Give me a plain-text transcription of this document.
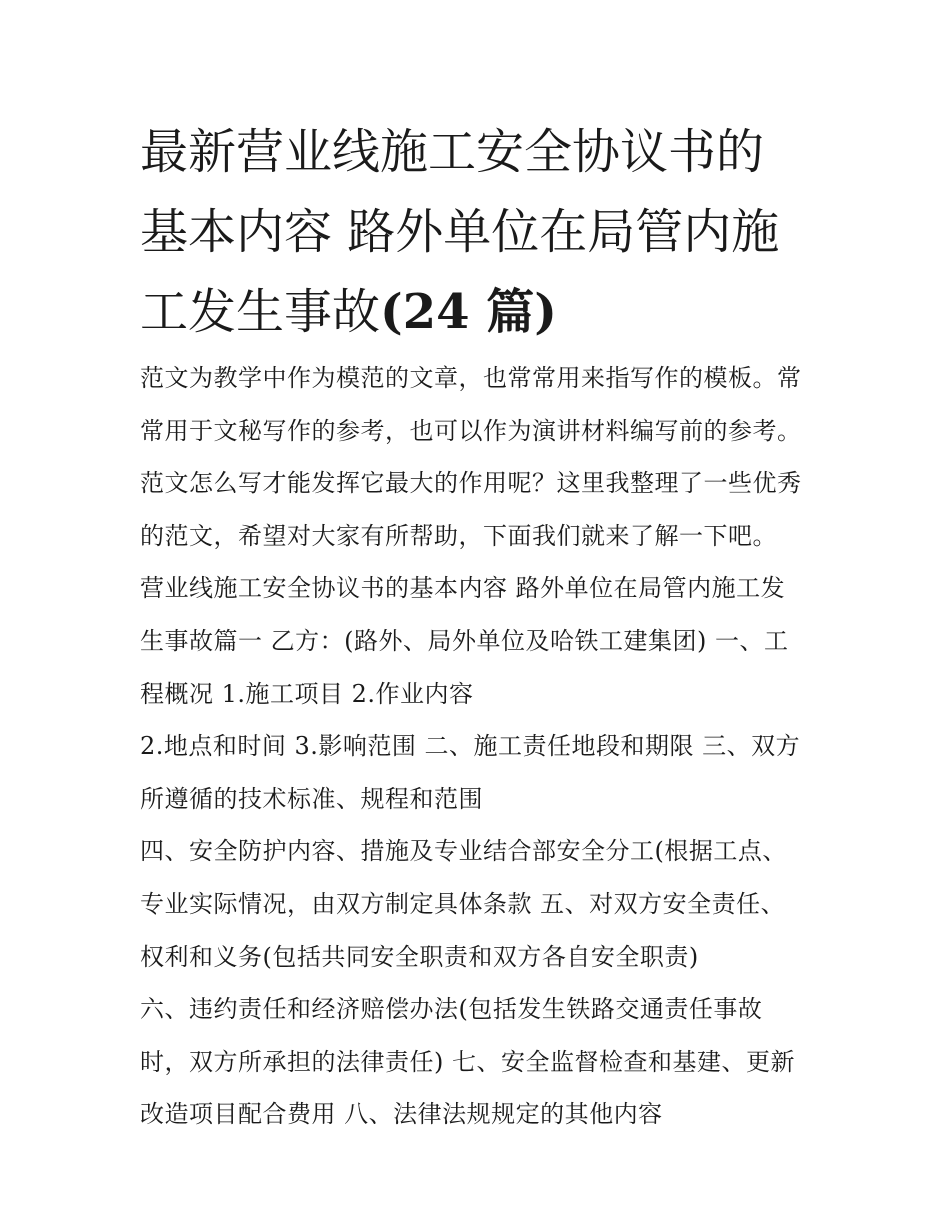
最新营业线施工安全协议书的
基本内容 路外单位在局管内施
工发生事故(24 篇)
范文为教学中作为模范的文章，也常常用来指写作的模板。常
常用于文秘写作的参考，也可以作为演讲材料编写前的参考。
范文怎么写才能发挥它最大的作用呢？这里我整理了一些优秀
的范文，希望对大家有所帮助，下面我们就来了解一下吧。
营业线施工安全协议书的基本内容 路外单位在局管内施工发
生事故篇一 乙方：(路外、局外单位及哈铁工建集团) 一、工
程概况 1.施工项目 2.作业内容
2.地点和时间 3.影响范围 二、施工责任地段和期限 三、双方
所遵循的技术标准、规程和范围
四、安全防护内容、措施及专业结合部安全分工(根据工点、
专业实际情况，由双方制定具体条款 五、对双方安全责任、
权利和义务(包括共同安全职责和双方各自安全职责)
六、违约责任和经济赔偿办法(包括发生铁路交通责任事故
时，双方所承担的法律责任) 七、安全监督检查和基建、更新
改造项目配合费用 八、法律法规规定的其他内容
